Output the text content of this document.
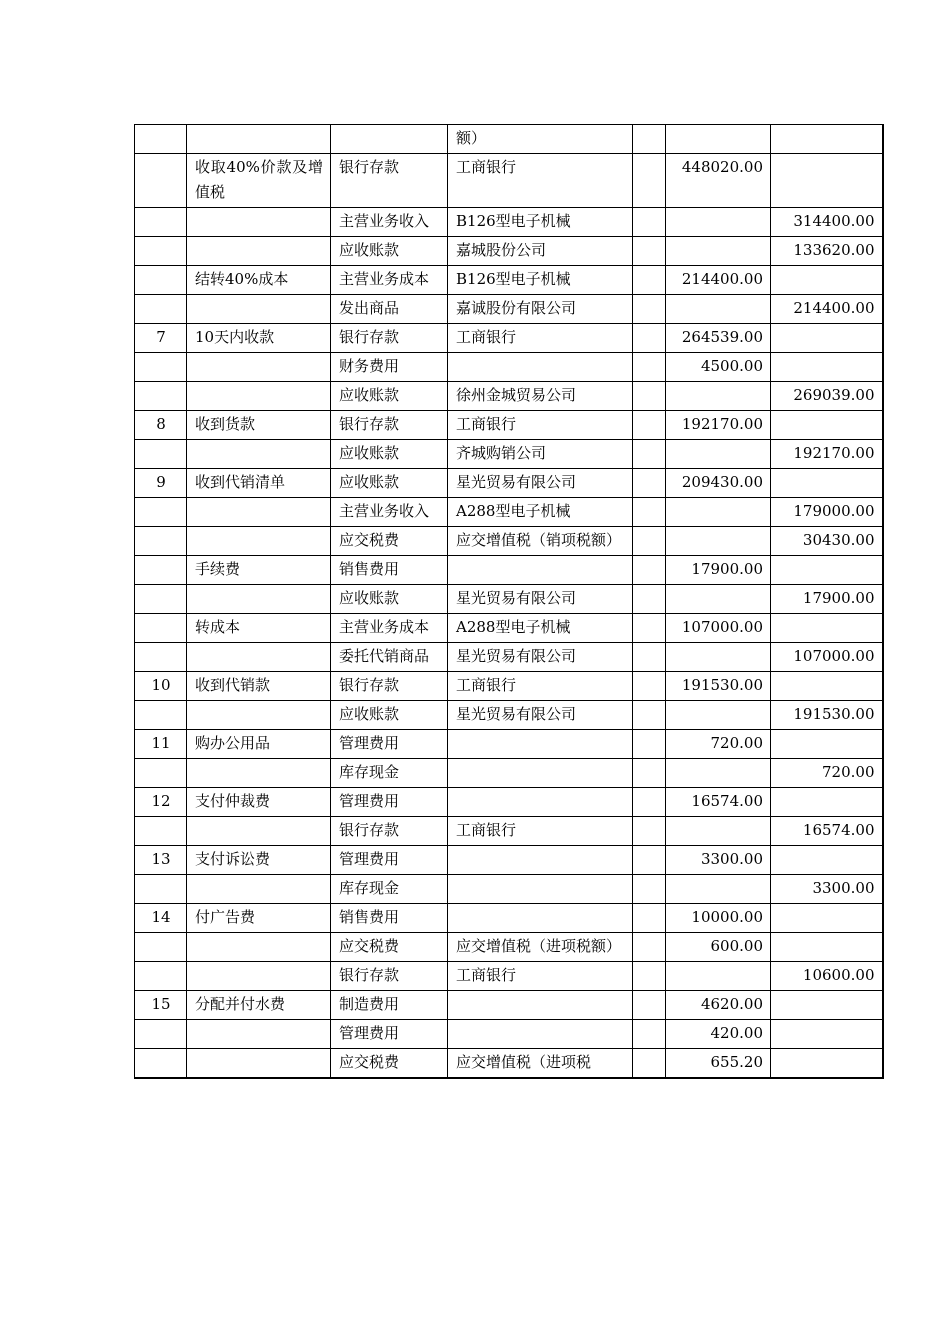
			额）			
	收取40%价款及增值税	银行存款	工商银行		448020.00	
		主营业务收入	B126型电子机械			314400.00
		应收账款	嘉城股份公司			133620.00
	结转40%成本	主营业务成本	B126型电子机械		214400.00	
		发出商品	嘉诚股份有限公司			214400.00
7	10天内收款	银行存款	工商银行		264539.00	
		财务费用			4500.00	
		应收账款	徐州金城贸易公司			269039.00
8	收到货款	银行存款	工商银行		192170.00	
		应收账款	齐城购销公司			192170.00
9	收到代销清单	应收账款	星光贸易有限公司		209430.00	
		主营业务收入	A288型电子机械			179000.00
		应交税费	应交增值税（销项税额）			30430.00
	手续费	销售费用			17900.00	
		应收账款	星光贸易有限公司			17900.00
	转成本	主营业务成本	A288型电子机械		107000.00	
		委托代销商品	星光贸易有限公司			107000.00
10	收到代销款	银行存款	工商银行		191530.00	
		应收账款	星光贸易有限公司			191530.00
11	购办公用品	管理费用			720.00	
		库存现金				720.00
12	支付仲裁费	管理费用			16574.00	
		银行存款	工商银行			16574.00
13	支付诉讼费	管理费用			3300.00	
		库存现金				3300.00
14	付广告费	销售费用			10000.00	
		应交税费	应交增值税（进项税额）		600.00	
		银行存款	工商银行			10600.00
15	分配并付水费	制造费用			4620.00	
		管理费用			420.00	
		应交税费	应交增值税（进项税		655.20	
